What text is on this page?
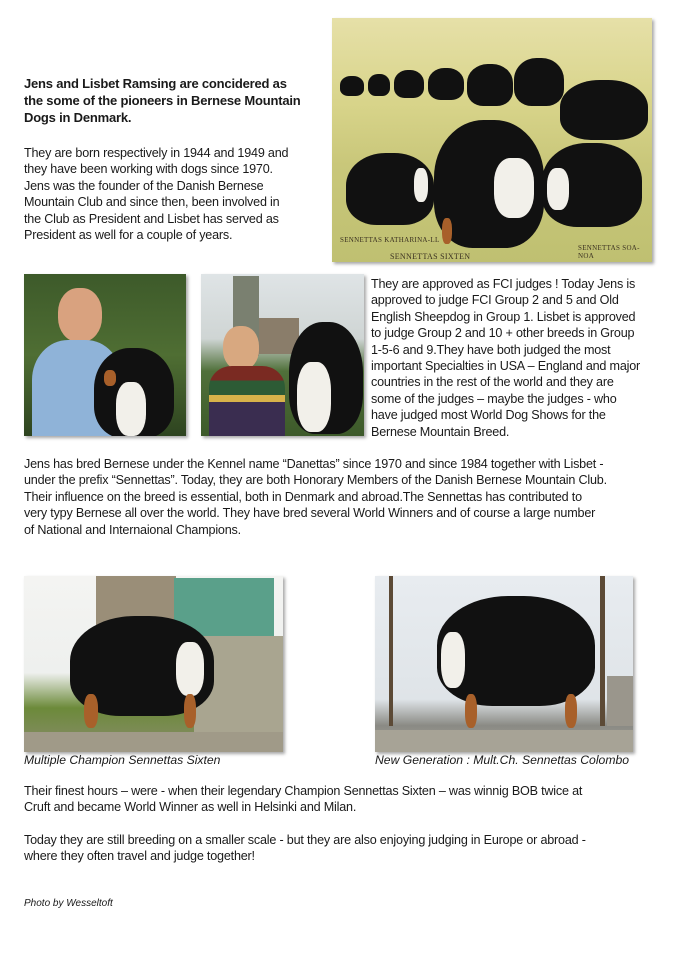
Jens and Lisbet Ramsing are concidered as
the some of the pioneers in Bernese Mountain
Dogs in Denmark.
They are born respectively in 1944 and 1949 and
they have been working with dogs since 1970.
Jens was the founder of the Danish Bernese
Mountain Club and since then, been involved in
the Club as President and Lisbet has served as
President as well for a couple of years.	SENNETTAS KATHARINA-LL
SENNETTAS SIXTEN
SENNETTAS SOA-NOA
They are approved as FCI judges ! Today Jens is
approved to judge FCI Group 2 and 5 and Old
English Sheepdog in Group 1. Lisbet is approved
to judge Group 2 and 10 + other breeds in Group
1-5-6 and 9.They have both judged the most
important Specialties in USA – England and major
countries in the rest of the world and they are
some of the judges – maybe the judges - who
have judged most World Dog Shows for the
Bernese Mountain Breed.
Jens has bred Bernese under the Kennel name “Danettas” since 1970 and since 1984 together with Lisbet -
under the prefix “Sennettas”. Today, they are both Honorary Members of the Danish Bernese Mountain Club.
Their influence on the breed is essential, both in Denmark and abroad.The Sennettas has contributed to
very typy Bernese all over the world. They have bred several World Winners and of course a large number
of National and Internaional Champions.
Multiple Champion Sennettas Sixten	New Generation : Mult.Ch. Sennettas Colombo
Their finest hours – were - when their legendary Champion Sennettas Sixten – was winnig BOB twice at
Cruft and became World Winner as well in Helsinki and Milan.
Today they are still breeding on a smaller scale - but they are also enjoying judging in Europe or abroad -
where they often travel and judge together!
Photo by Wesseltoft
